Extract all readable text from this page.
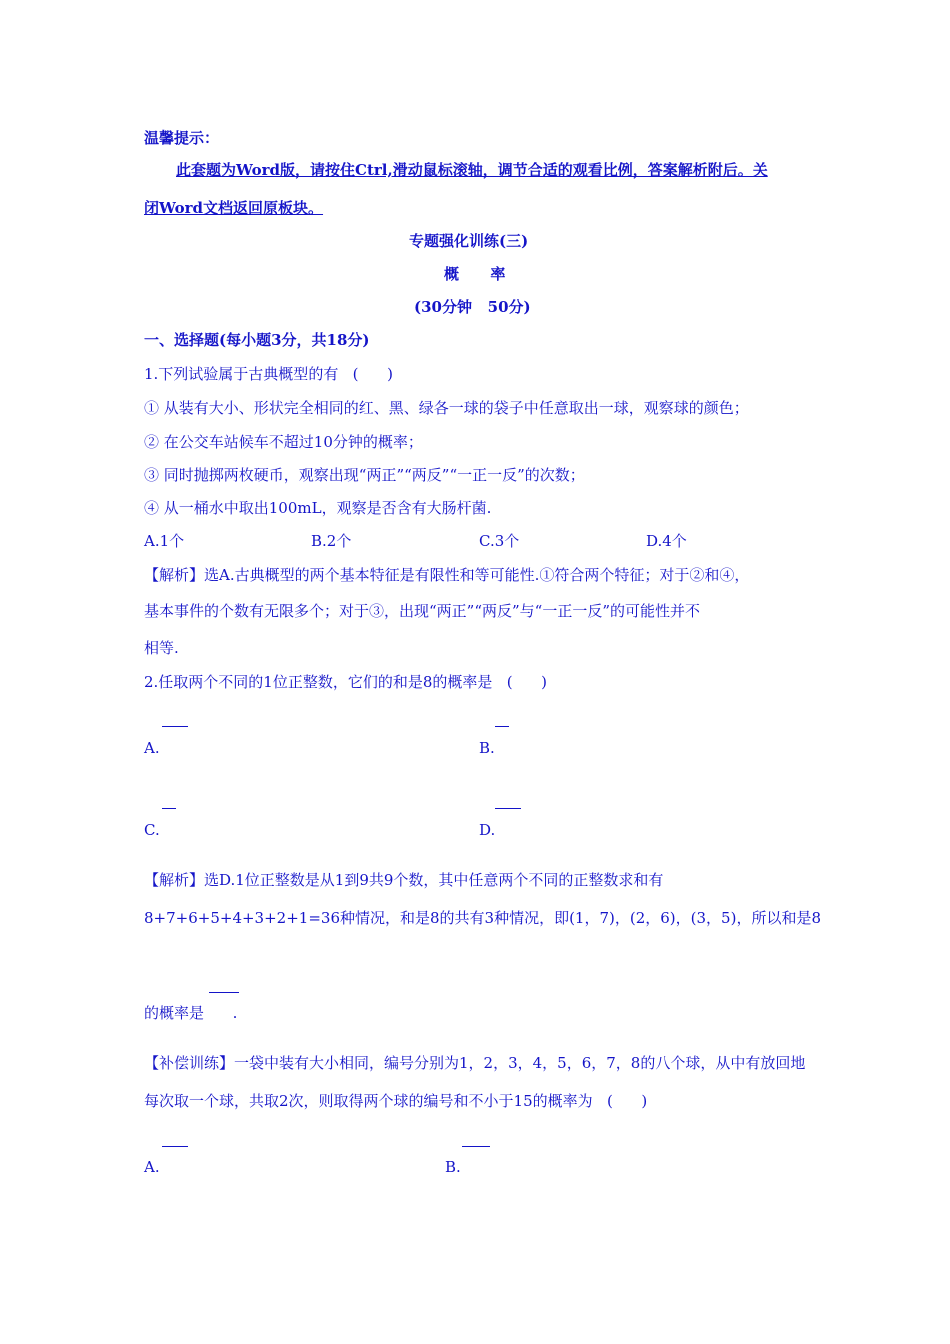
温馨提示：
此套题为Word版，请按住Ctrl,滑动鼠标滚轴，调节合适的观看比例，答案解析附后。关
闭Word文档返回原板块。
专题强化训练(三)
概      率
(30分钟   50分)
一、选择题(每小题3分，共18分)
1.下列试验属于古典概型的有   (      )
① 从装有大小、形状完全相同的红、黑、绿各一球的袋子中任意取出一球，观察球的颜色；
② 在公交车站候车不超过10分钟的概率；
③ 同时抛掷两枚硬币，观察出现“两正”“两反”“一正一反”的次数；
④ 从一桶水中取出100mL，观察是否含有大肠杆菌.
A.1个	B.2个	C.3个	D.4个
【解析】选A.古典概型的两个基本特征是有限性和等可能性.①符合两个特征；对于②和④，
基本事件的个数有无限多个；对于③，出现“两正”“两反”与“一正一反”的可能性并不
相等.
2.任取两个不同的1位正整数，它们的和是8的概率是   (      )
A.	B.
C.	D.
【解析】选D.1位正整数是从1到9共9个数，其中任意两个不同的正整数求和有
8+7+6+5+4+3+2+1=36种情况，和是8的共有3种情况，即(1，7)，(2，6)，(3，5)，所以和是8
的概率是      .
【补偿训练】一袋中装有大小相同，编号分别为1，2，3，4，5，6，7，8的八个球，从中有放回地
每次取一个球，共取2次，则取得两个球的编号和不小于15的概率为   (      )
A.	B.
